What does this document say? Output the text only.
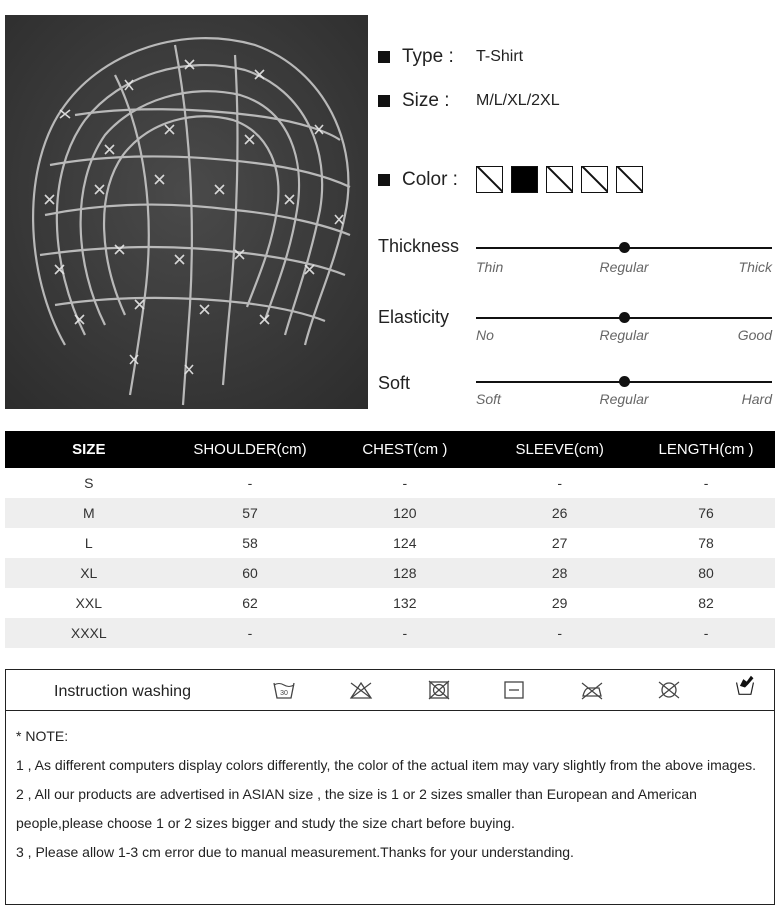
Type : T-Shirt
Size : M/L/XL/2XL
Color :
Thickness
Thin	Regular	Thick
Elasticity
No	Regular	Good
Soft
Soft	Regular	Hard
SIZE	SHOULDER(cm)	CHEST(cm )	SLEEVE(cm)	LENGTH(cm )
S	-	-	-	-
M	57	120	26	76
L	58	124	27	78
XL	60	128	28	80
XXL	62	132	29	82
XXXL	-	-	-	-
Instruction washing	30
* NOTE:
1 , As different computers display colors differently, the color of the actual item may vary slightly from the above images.
2 , All our products are advertised in ASIAN size , the size is 1 or 2 sizes smaller than European and American people,please choose 1 or 2 sizes bigger and study the size chart before buying.
3 , Please allow 1-3 cm error due to manual measurement.Thanks for your understanding.
